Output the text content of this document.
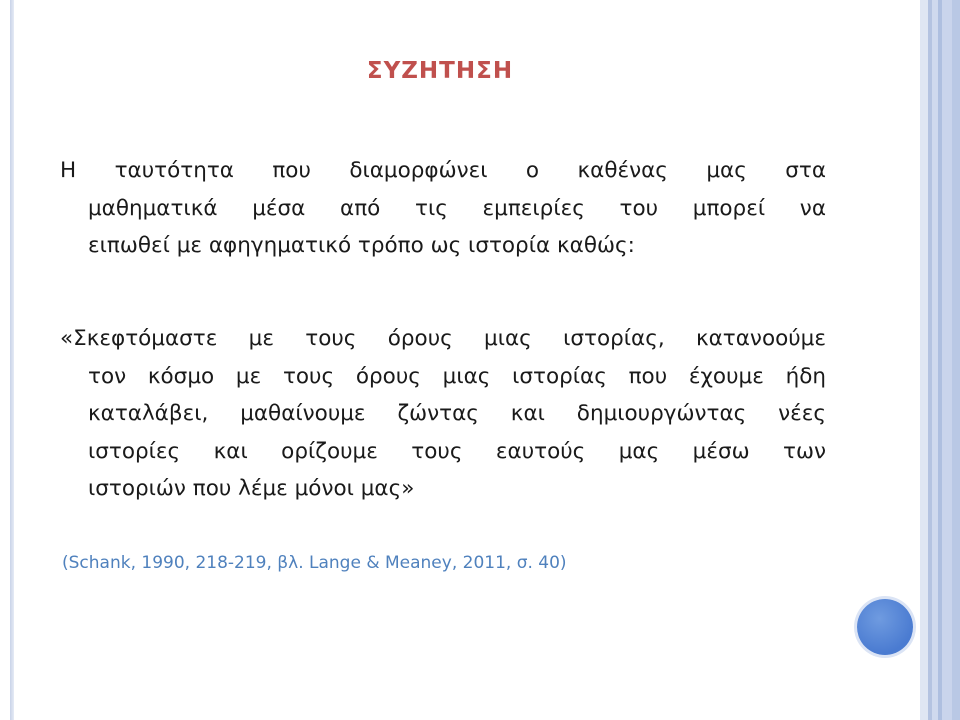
ΣΥΖΗΤΗΣΗ
Η ταυτότητα που διαμορφώνει ο καθένας μας στα
μαθηματικά μέσα από τις εμπειρίες του μπορεί να
ειπωθεί με αφηγηματικό τρόπο ως ιστορία καθώς:
«Σκεφτόμαστε με τους όρους μιας ιστορίας, κατανοούμε
τον κόσμο με τους όρους μιας ιστορίας που έχουμε ήδη
καταλάβει, μαθαίνουμε ζώντας και δημιουργώντας νέες
ιστορίες και ορίζουμε τους εαυτούς μας μέσω των
ιστοριών που λέμε μόνοι μας»
(Schank, 1990, 218-219, βλ. Lange & Meaney, 2011, σ. 40)
